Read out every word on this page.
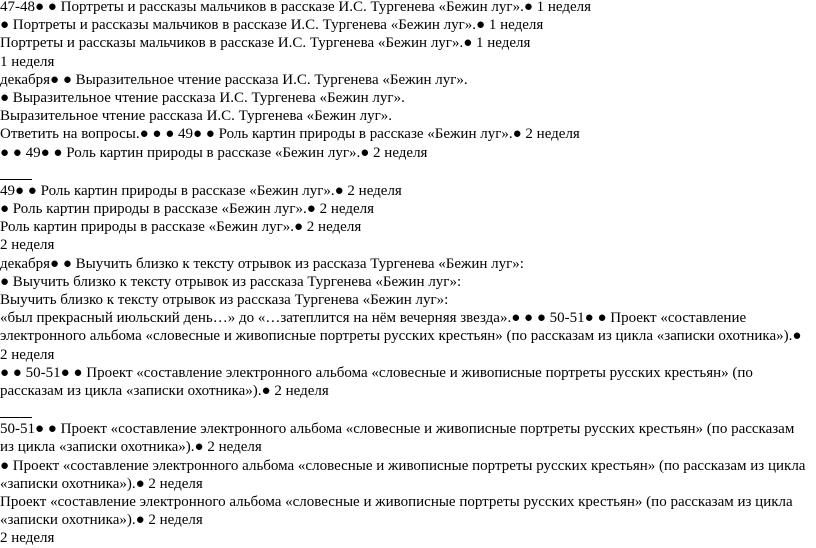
47-48● ● Портреты и рассказы мальчиков в рассказе И.С. Тургенева «Бежин луг».● 1 неделя

● Портреты и рассказы мальчиков в рассказе И.С. Тургенева «Бежин луг».● 1 неделя

Портреты и рассказы мальчиков в рассказе И.С. Тургенева «Бежин луг».● 1 неделя

1 неделя

декабря● ● Выразительное чтение рассказа И.С. Тургенева «Бежин луг».

● Выразительное чтение рассказа И.С. Тургенева «Бежин луг».

Выразительное чтение рассказа И.С. Тургенева «Бежин луг».

Ответить на вопросы.● ● ● 49● ● Роль картин природы в рассказе «Бежин луг».● 2 неделя

● ● 49● ● Роль картин природы в рассказе «Бежин луг».● 2 неделя

49● ● Роль картин природы в рассказе «Бежин луг».● 2 неделя

● Роль картин природы в рассказе «Бежин луг».● 2 неделя

Роль картин природы в рассказе «Бежин луг».● 2 неделя

2 неделя

декабря● ● Выучить близко к тексту отрывок из рассказа Тургенева «Бежин луг»:

● Выучить близко к тексту отрывок из рассказа Тургенева «Бежин луг»:

Выучить близко к тексту отрывок из рассказа Тургенева «Бежин луг»:

«был прекрасный июльский день…» до «…затеплится на нём вечерняя звезда».● ● ● 50-51● ● Проект «составление электронного альбома «словесные и живописные портреты русских крестьян» (по рассказам из цикла «записки охотника»).● 2 неделя

● ● 50-51● ● Проект «составление электронного альбома «словесные и живописные портреты русских крестьян» (по рассказам из цикла «записки охотника»).● 2 неделя

50-51● ● Проект «составление электронного альбома «словесные и живописные портреты русских крестьян» (по рассказам из цикла «записки охотника»).● 2 неделя

● Проект «составление электронного альбома «словесные и живописные портреты русских крестьян» (по рассказам из цикла «записки охотника»).● 2 неделя

Проект «составление электронного альбома «словесные и живописные портреты русских крестьян» (по рассказам из цикла «записки охотника»).● 2 неделя

2 неделя
